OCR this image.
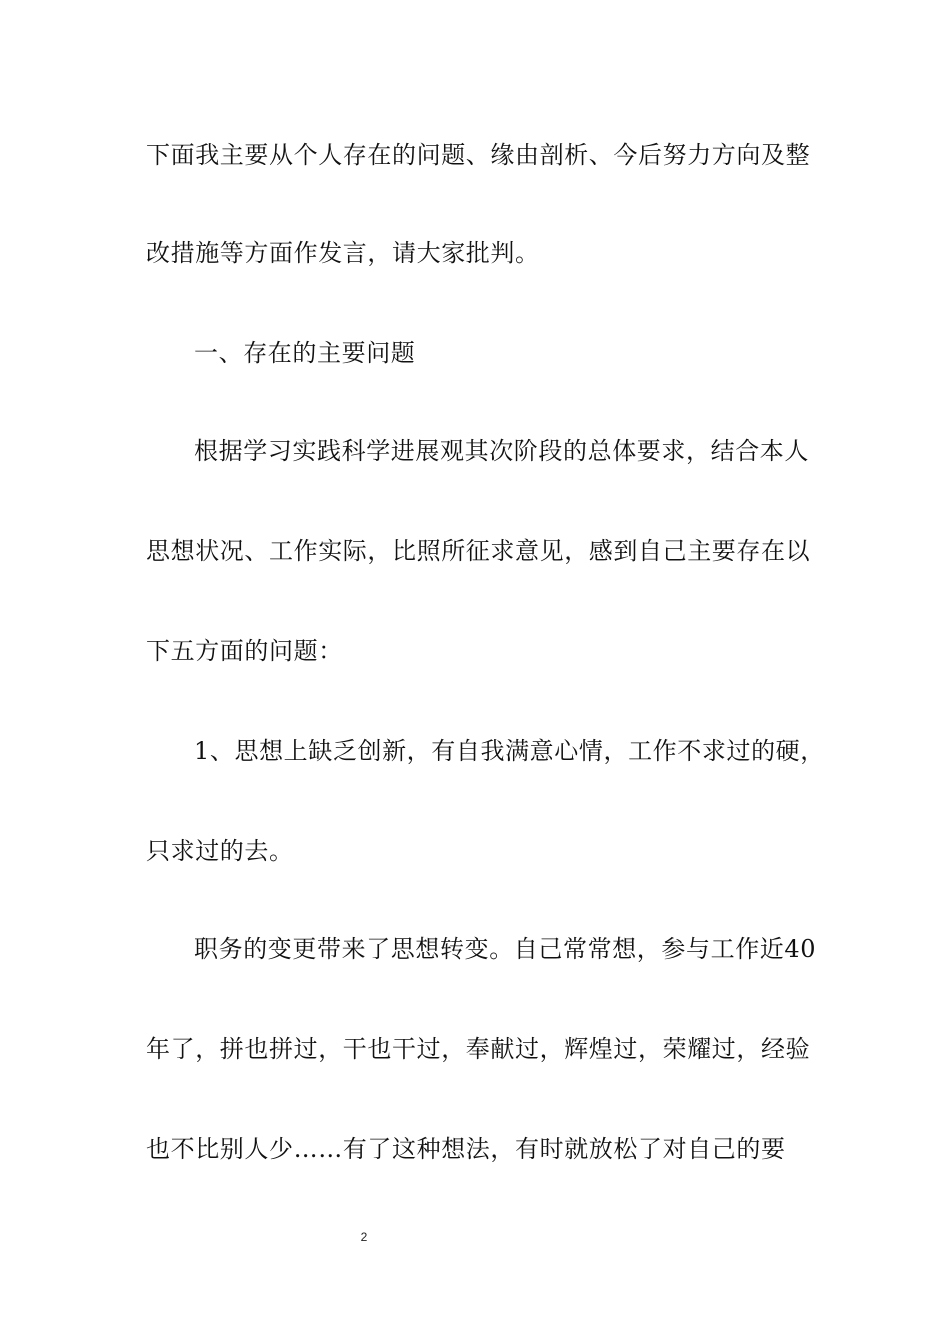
下面我主要从个人存在的问题、缘由剖析、今后努力方向及整
改措施等方面作发言，请大家批判。
一、存在的主要问题
根据学习实践科学进展观其次阶段的总体要求，结合本人
思想状况、工作实际，比照所征求意见，感到自己主要存在以
下五方面的问题：
1、思想上缺乏创新，有自我满意心情，工作不求过的硬，
只求过的去。
职务的变更带来了思想转变。自己常常想，参与工作近40
年了，拼也拼过，干也干过，奉献过，辉煌过，荣耀过，经验
也不比别人少……有了这种想法，有时就放松了对自己的要
2
